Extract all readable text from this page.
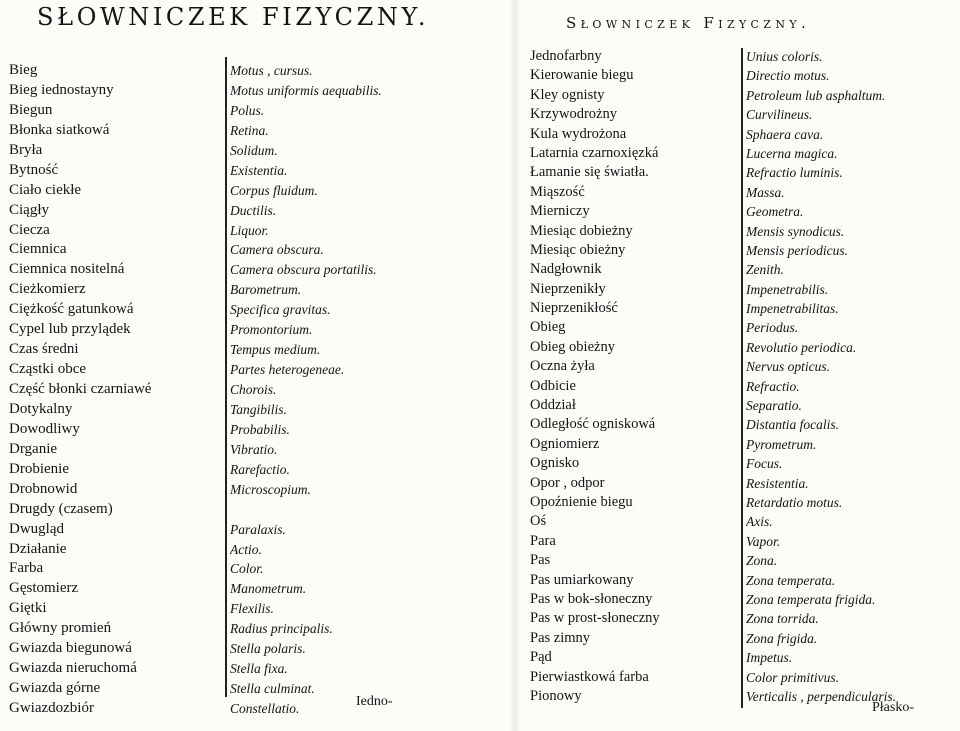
SŁOWNICZEK FIZYCZNY.
Bieg
Bieg iednostayny
Biegun
Błonka siatkowá
Bryła
Bytność
Ciało ciekłe
Ciągły
Ciecza
Ciemnica
Ciemnica nositelná
Cieżkomierz
Ciężkość gatunkowá
Cypel lub przylądek
Czas średni
Cząstki obce
Część błonki czarniawé
Dotykalny
Dowodliwy
Drganie
Drobienie
Drobnowid
Drugdy (czasem)
Dwugląd
Działanie
Farba
Gęstomierz
Giętki
Główny promień
Gwiazda biegunowá
Gwiazda nieruchomá
Gwiazda górne
Gwiazdozbiór
Motus , cursus.
Motus uniformis aequabilis.
Polus.
Retina.
Solidum.
Existentia.
Corpus fluidum.
Ductilis.
Liquor.
Camera obscura.
Camera obscura portatilis.
Barometrum.
Specifica gravitas.
Promontorium.
Tempus medium.
Partes heterogeneae.
Chorois.
Tangibilis.
Probabilis.
Vibratio.
Rarefactio.
Microscopium.
Paralaxis.
Actio.
Color.
Manometrum.
Flexilis.
Radius principalis.
Stella polaris.
Stella fixa.
Stella culminat.
Constellatio.	Iedno-
Słowniczek Fizyczny.
Jednofarbny
Kierowanie biegu
Kley ognisty
Krzywodrożny
Kula wydrożona
Latarnia czarnoxięzká
Łamanie się światła.
Miąszość
Mierniczy
Miesiąc dobieżny
Miesiąc obieżny
Nadgłownik
Nieprzenikły
Nieprzenikłość
Obieg
Obieg obieżny
Oczna żyła
Odbicie
Oddział
Odległość ogniskowá
Ogniomierz
Ognisko
Opor , odpor
Opoźnienie biegu
Oś
Para
Pas
Pas umiarkowany
Pas w bok-słoneczny
Pas w prost-słoneczny
Pas zimny
Pąd
Pierwiastkowá farba
Pionowy
Unius coloris.
Directio motus.
Petroleum lub asphaltum.
Curvilineus.
Sphaera cava.
Lucerna magica.
Refractio luminis.
Massa.
Geometra.
Mensis synodicus.
Mensis periodicus.
Zenith.
Impenetrabilis.
Impenetrabilitas.
Periodus.
Revolutio periodica.
Nervus opticus.
Refractio.
Separatio.
Distantia focalis.
Pyrometrum.
Focus.
Resistentia.
Retardatio motus.
Axis.
Vapor.
Zona.
Zona temperata.
Zona temperata frigida.
Zona torrida.
Zona frigida.
Impetus.
Color primitivus.
Verticalis , perpendicularis.
Płasko-
